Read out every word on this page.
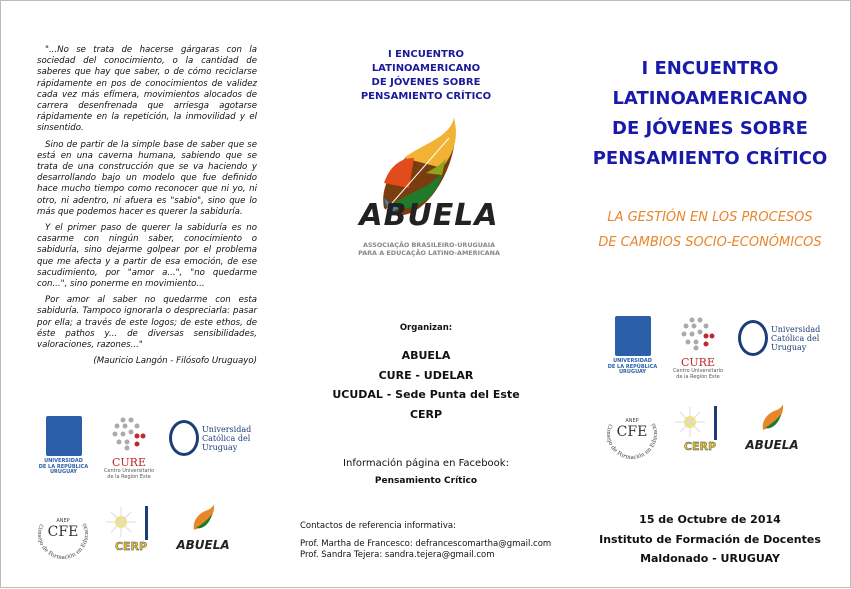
"...No se trata de hacerse gárgaras con la sociedad del conocimiento, o la cantidad de saberes que hay que saber, o de cómo reciclarse rápidamente en pos de conocimientos de validez cada vez más efímera, movimientos alocados de carrera desenfrenada que arriesga agotarse rápidamente en la repetición, la inmovilidad y el sinsentido.

Sino de partir de la simple base de saber que se está en una caverna humana, sabiendo que se trata de una construcción que se va haciendo y desarrollando bajo un modelo que fue definido hace mucho tiempo como reconocer que ni yo, ni otro, ni adentro, ni afuera es "sabio", sino que lo más que podemos hacer es querer la sabiduría.

Y el primer paso de querer la sabiduría es no casarme con ningún saber, conocimiento o sabiduría, sino dejarme golpear por el problema que me afecta y a partir de esa emoción, de ese sacudimiento, por "amor a...", "no quedarme con...", sino ponerme en movimiento...

Por amor al saber no quedarme con esta sabiduría. Tampoco ignorarla o despreciarla: pasar por ella; a través de este logos; de este ethos, de éste pathos y... de diversas sensibilidades, valoraciones, razones..."

(Mauricio Langón - Filósofo Uruguayo)
UNIVERSIDAD
DE LA REPÚBLICA
URUGUAY
CURE
Centro Universitario
de la Región Este
Universidad
Católica del
Uruguay
Consejo de Formación en Educació
ANEP
CFE
CERP	ABUELA
I ENCUENTRO
LATINOAMERICANO
DE JÓVENES SOBRE
PENSAMIENTO CRÍTICO
ABUELA
ASSOCIAÇÃO BRASILEIRO-URUGUAIA
PARA A EDUCAÇÃO LATINO-AMERICANA
Organizan:
ABUELA
CURE - UDELAR
UCUDAL - Sede Punta del Este
CERP
Información página en Facebook:
Pensamiento Crítico
Contactos de referencia informativa:
Prof. Martha de Francesco: defrancescomartha@gmail.com
Prof. Sandra Tejera: sandra.tejera@gmail.com
I ENCUENTRO
LATINOAMERICANO
DE JÓVENES SOBRE
PENSAMIENTO CRÍTICO
LA GESTIÓN EN LOS PROCESOS
DE CAMBIOS SOCIO-ECONÓMICOS
UNIVERSIDAD
DE LA REPÚBLICA
URUGUAY
CURE
Centro Universitario
de la Región Este
Universidad
Católica del
Uruguay
Consejo de Formación en Educació
ANEP
CFE
CERP	ABUELA
15 de Octubre de 2014
Instituto de Formación de Docentes
Maldonado - URUGUAY
